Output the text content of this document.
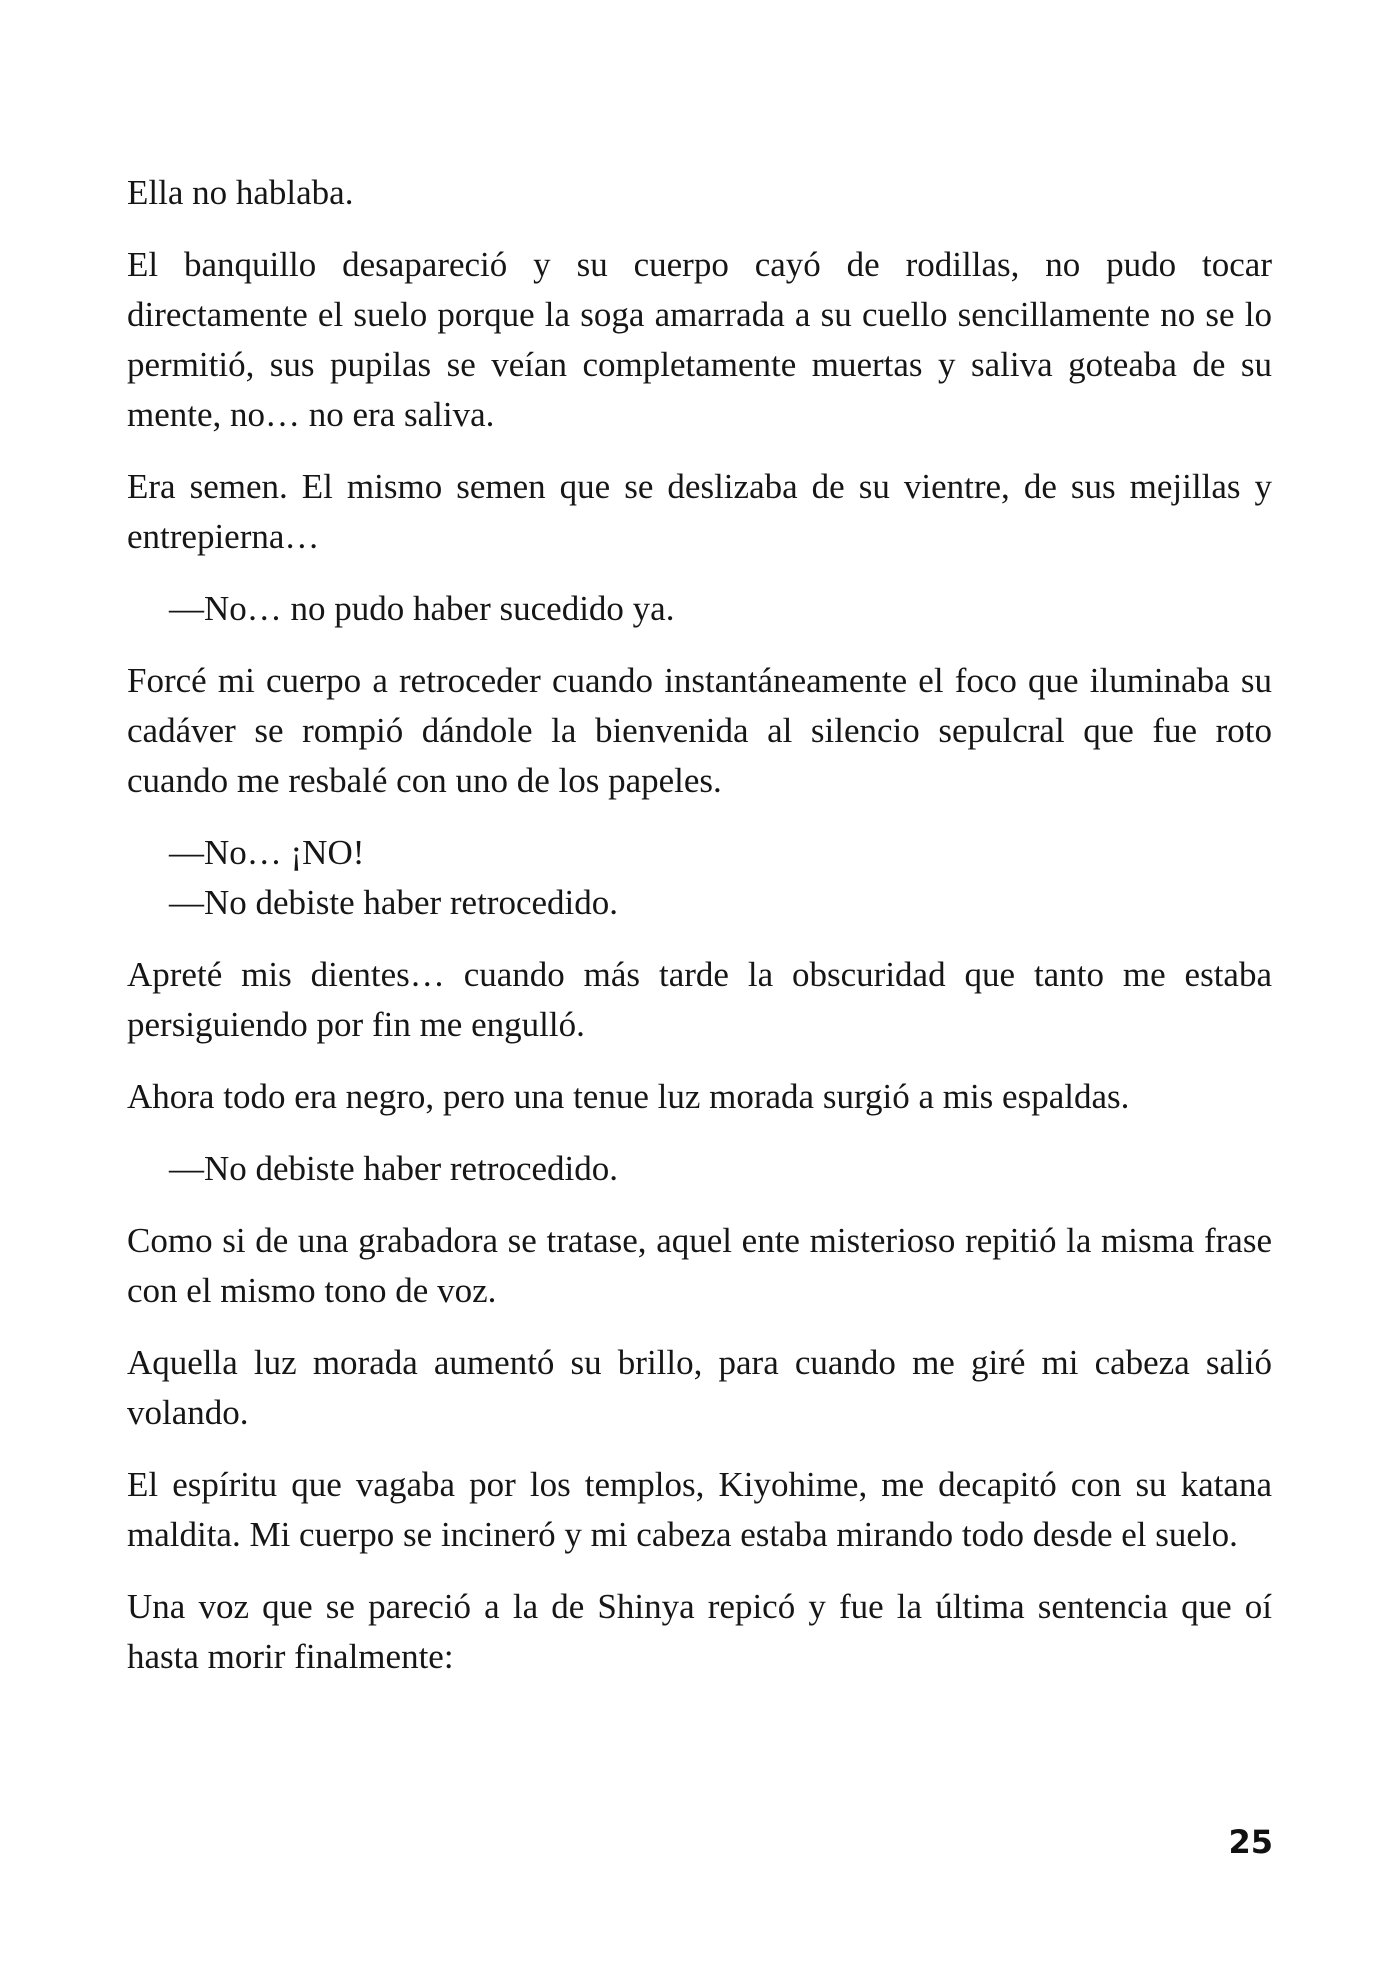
Ella no hablaba.

El banquillo desapareció y su cuerpo cayó de rodillas, no pudo tocar directamente el suelo porque la soga amarrada a su cuello sencillamente no se lo permitió, sus pupilas se veían completamente muertas y saliva goteaba de su mente, no… no era saliva.

Era semen. El mismo semen que se deslizaba de su vientre, de sus mejillas y entrepierna…

—No… no pudo haber sucedido ya.

Forcé mi cuerpo a retroceder cuando instantáneamente el foco que iluminaba su cadáver se rompió dándole la bienvenida al silencio sepulcral que fue roto cuando me resbalé con uno de los papeles.

—No… ¡NO!

—No debiste haber retrocedido.

Apreté mis dientes… cuando más tarde la obscuridad que tanto me estaba persiguiendo por fin me engulló.

Ahora todo era negro, pero una tenue luz morada surgió a mis espaldas.

—No debiste haber retrocedido.

Como si de una grabadora se tratase, aquel ente misterioso repitió la misma frase con el mismo tono de voz.

Aquella luz morada aumentó su brillo, para cuando me giré mi cabeza salió volando.

El espíritu que vagaba por los templos, Kiyohime, me decapitó con su katana maldita. Mi cuerpo se incineró y mi cabeza estaba mirando todo desde el suelo.

Una voz que se pareció a la de Shinya repicó y fue la última sentencia que oí hasta morir finalmente:

25
